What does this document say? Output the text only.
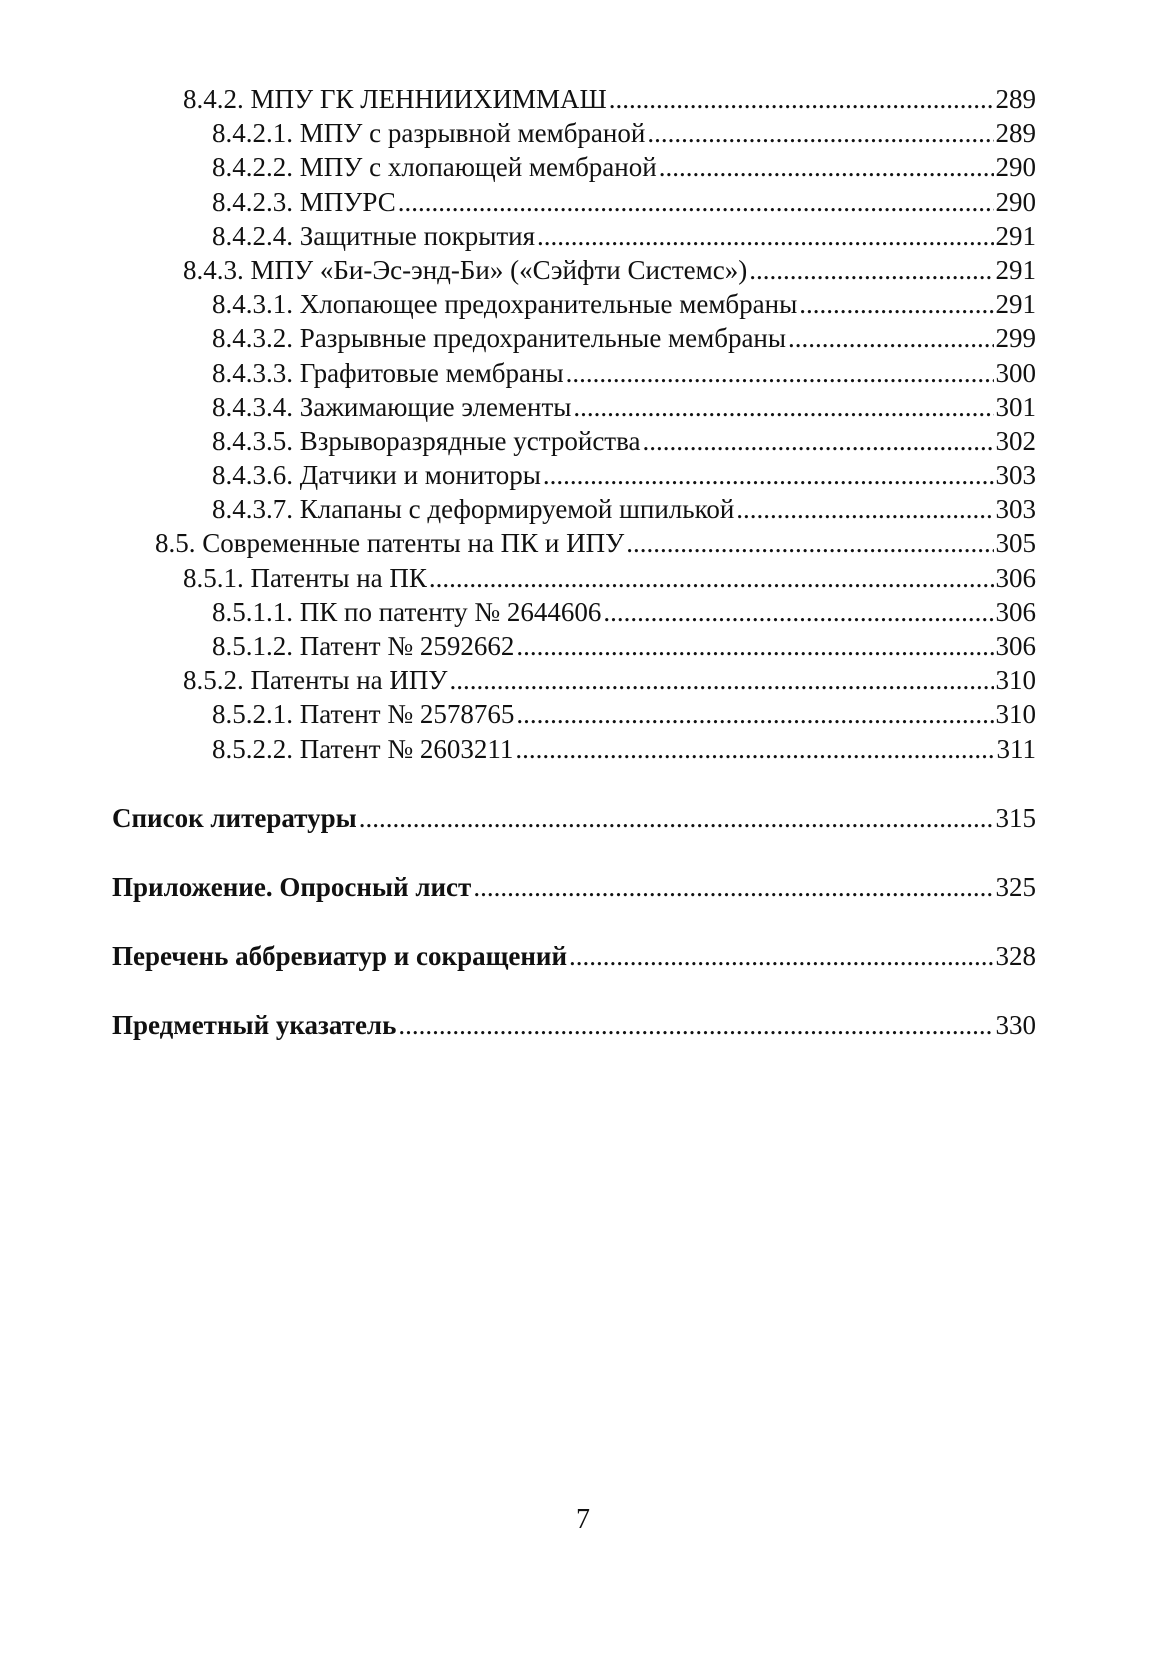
8.4.2. МПУ ГК ЛЕННИИХИММАШ .....	289
8.4.2.1. МПУ с разрывной мембраной .....	289
8.4.2.2. МПУ с хлопающей мембраной .....	290
8.4.2.3. МПУРС .....	290
8.4.2.4. Защитные покрытия .....	291
8.4.3. МПУ «Би-Эс-энд-Би» («Сэйфти Системс») .....	291
8.4.3.1. Хлопающее предохранительные мембраны .....	291
8.4.3.2. Разрывные предохранительные мембраны .....	299
8.4.3.3. Графитовые мембраны .....	300
8.4.3.4. Зажимающие элементы .....	301
8.4.3.5. Взрыворазрядные устройства .....	302
8.4.3.6. Датчики и мониторы .....	303
8.4.3.7. Клапаны с деформируемой шпилькой .....	303
8.5. Современные патенты на ПК и ИПУ .....	305
8.5.1. Патенты на ПК .....	306
8.5.1.1. ПК по патенту № 2644606 .....	306
8.5.1.2. Патент № 2592662 .....	306
8.5.2. Патенты на ИПУ .....	310
8.5.2.1. Патент № 2578765 .....	310
8.5.2.2. Патент № 2603211 .....	311
Список литературы .....	315
Приложение. Опросный лист .....	325
Перечень аббревиатур и сокращений .....	328
Предметный указатель .....	330
7
